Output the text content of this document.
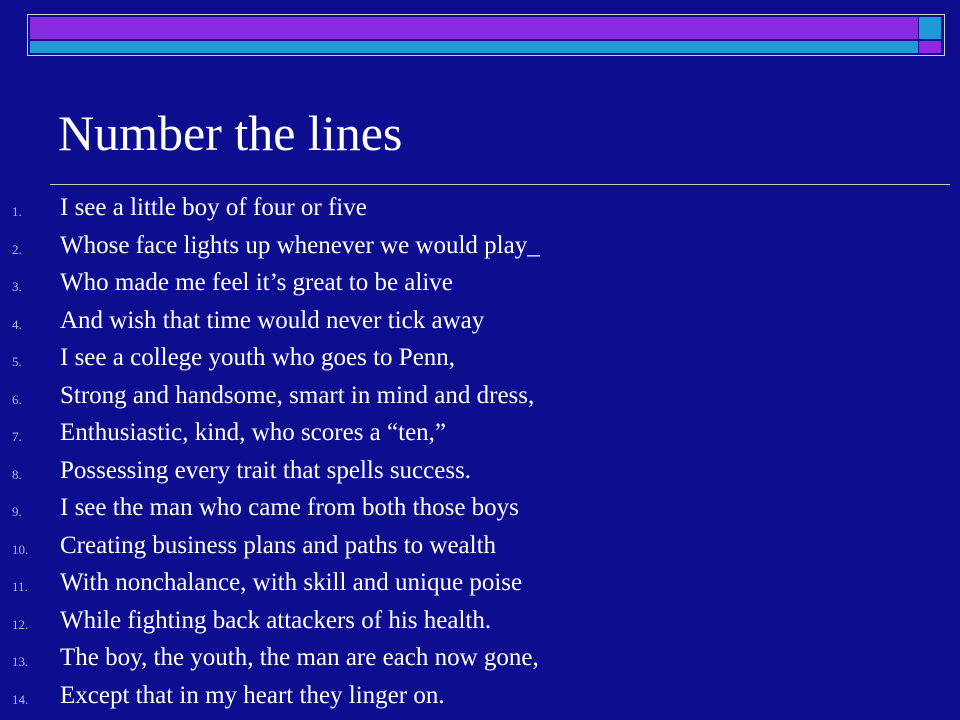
Number the lines
1.	I see a little boy of four or five
2.	Whose face lights up whenever we would play_
3.	Who made me feel it’s great to be alive
4.	And wish that time would never tick away
5.	I see a college youth who goes to Penn,
6.	Strong and handsome, smart in mind and dress,
7.	Enthusiastic, kind, who scores a “ten,”
8.	Possessing every trait that spells success.
9.	I see the man who came from both those boys
10.	Creating business plans and paths to wealth
11.	With nonchalance, with skill and unique poise
12.	While fighting back attackers of his health.
13.	The boy, the youth, the man are each now gone,
14.	Except that in my heart they linger on.
